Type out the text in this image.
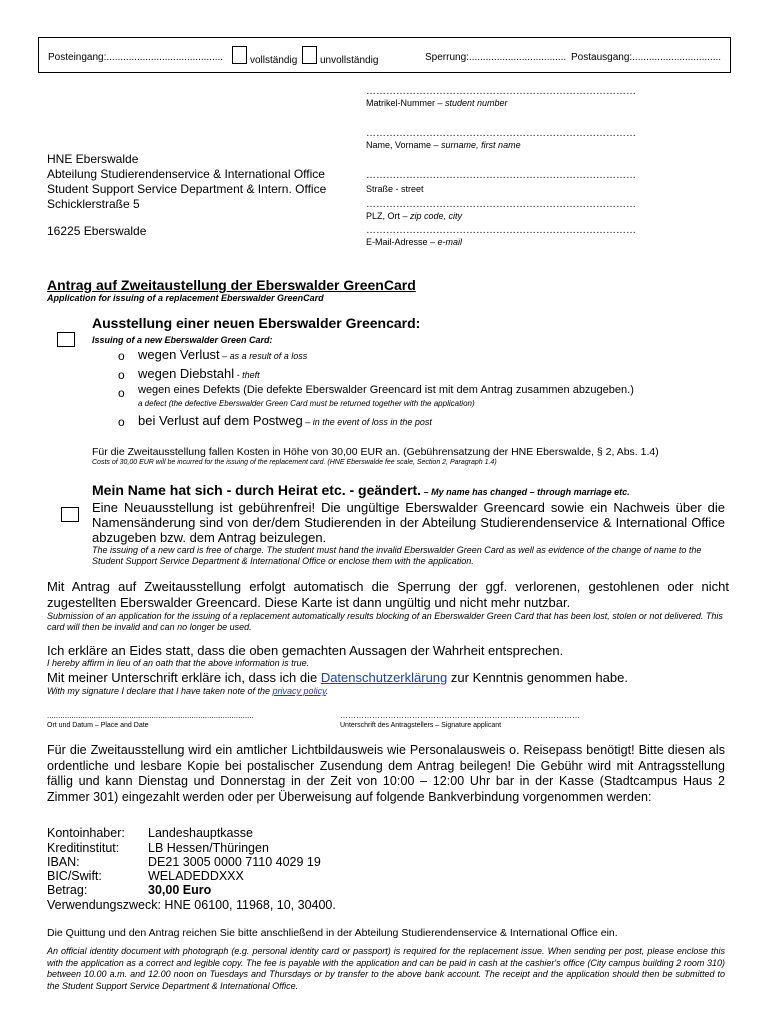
Posteingang:..........................................	vollständig	unvollständig	Sperrung:................................... Postausgang:................................
………………………………………………………………………
Matrikel-Nummer – student number
………………………………………………………………………
Name, Vorname – surname, first name
………………………………………………………………………
Straße - street
………………………………………………………………………
PLZ, Ort – zip code, city
………………………………………………………………………
E-Mail-Adresse – e-mail
HNE Eberswalde
Abteilung Studierendenservice & International Office
Student Support Service Department & Intern. Office
Schicklerstraße 5
16225 Eberswalde
Antrag auf Zweitaustellung der Eberswalder GreenCard
Application for issuing of a replacement Eberswalder GreenCard
Ausstellung einer neuen Eberswalder Greencard:
Issuing of a new Eberswalder Green Card:
o wegen Verlust – as a result of a loss
o wegen Diebstahl - theft
o wegen eines Defekts (Die defekte Eberswalder Greencard ist mit dem Antrag zusammen abzugeben.)
a defect (the defective Eberswalder Green Card must be returned together with the application)
o bei Verlust auf dem Postweg – in the event of loss in the post
Für die Zweitausstellung fallen Kosten in Höhe von 30,00 EUR an. (Gebührensatzung der HNE Eberswalde, § 2, Abs. 1.4)
Costs of 30,00 EUR will be incurred for the issuing of the replacement card. (HNE Eberswalde fee scale, Section 2, Paragraph 1.4)
Mein Name hat sich - durch Heirat etc. - geändert. – My name has changed – through marriage etc.
Eine Neuausstellung ist gebührenfrei! Die ungültige Eberswalder Greencard sowie ein Nachweis über die Namensänderung sind von der/dem Studierenden in der Abteilung Studierendenservice & International Office abzugeben bzw. dem Antrag beizulegen.
The issuing of a new card is free of charge. The student must hand the invalid Eberswalder Green Card as well as evidence of the change of name to the Student Support Service Department & International Office or enclose them with the application.
Mit Antrag auf Zweitausstellung erfolgt automatisch die Sperrung der ggf. verlorenen, gestohlenen oder nicht zugestellten Eberswalder Greencard. Diese Karte ist dann ungültig und nicht mehr nutzbar.
Submission of an application for the issuing of a replacement automatically results blocking of an Eberswalder Green Card that has been lost, stolen or not delivered. This card will then be invalid and can no longer be used.
Ich erkläre an Eides statt, dass die oben gemachten Aussagen der Wahrheit entsprechen.
I hereby affirm in lieu of an oath that the above information is true.
Mit meiner Unterschrift erkläre ich, dass ich die Datenschutzerklärung zur Kenntnis genommen habe.
With my signature I declare that I have taken note of the privacy policy.
.............................................................................................	………………………………………………………………………………
Ort und Datum – Place and Date	Unterschrift des Antragstellers – Signature applicant
Für die Zweitausstellung wird ein amtlicher Lichtbildausweis wie Personalausweis o. Reisepass benötigt! Bitte diesen als ordentliche und lesbare Kopie bei postalischer Zusendung dem Antrag beilegen! Die Gebühr wird mit Antragsstellung fällig und kann Dienstag und Donnerstag in der Zeit von 10:00 – 12:00 Uhr bar in der Kasse (Stadtcampus Haus 2 Zimmer 301) eingezahlt werden oder per Überweisung auf folgende Bankverbindung vorgenommen werden:
Kontoinhaber: Landeshauptkasse
Kreditinstitut: LB Hessen/Thüringen
IBAN:	DE21 3005 0000 7110 4029 19
BIC/Swift:	WELADEDDXXX
Betrag:	30,00 Euro
Verwendungszweck: HNE 06100, 11968, 10, 30400.
Die Quittung und den Antrag reichen Sie bitte anschließend in der Abteilung Studierendenservice & International Office ein.
An official identity document with photograph (e.g. personal identity card or passport) is required for the replacement issue. When sending per post, please enclose this with the application as a correct and legible copy. The fee is payable with the application and can be paid in cash at the cashier's office (City campus building 2 room 310) between 10.00 a.m. and 12.00 noon on Tuesdays and Thursdays or by transfer to the above bank account. The receipt and the application should then be submitted to the Student Support Service Department & International Office.
